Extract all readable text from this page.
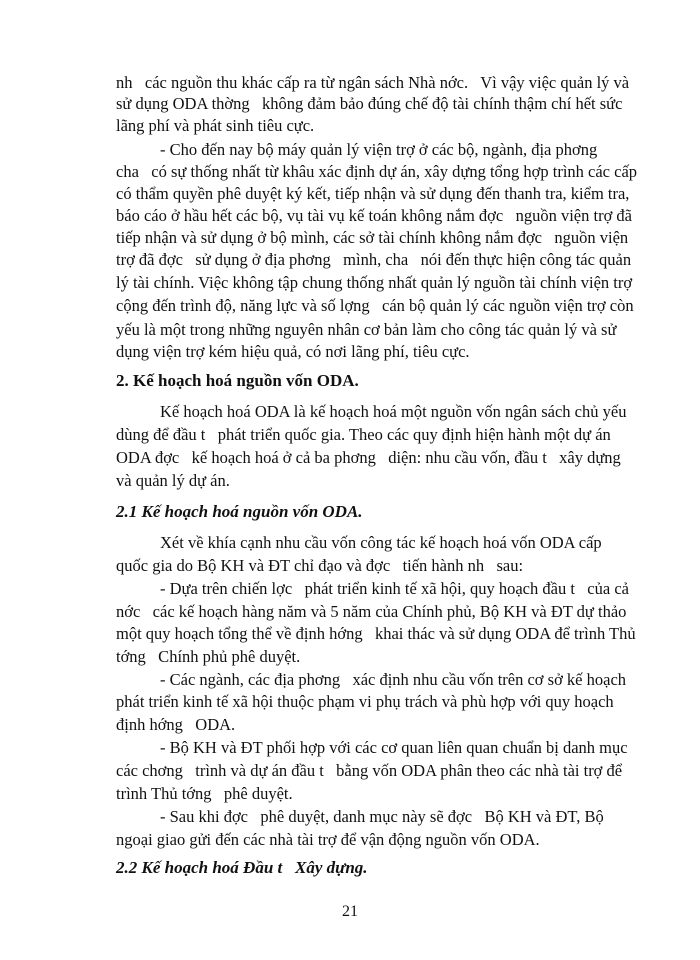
nh   các nguồn thu khác cấp ra từ ngân sách Nhà nớc.   Vì vậy việc quản lý và
sử dụng ODA thờng   không đảm bảo đúng chế độ tài chính thậm chí hết sức
lãng phí và phát sinh tiêu cực.
- Cho đến nay bộ máy quản lý viện trợ ở các bộ, ngành, địa phơng
cha   có sự thống nhất từ khâu xác định dự án, xây dựng tổng hợp trình các cấp
có thẩm quyền phê duyệt ký kết, tiếp nhận và sử dụng đến thanh tra, kiểm tra,
báo cáo ở hầu hết các bộ, vụ tài vụ kế toán không nắm đợc   nguồn viện trợ đã
tiếp nhận và sử dụng ở bộ mình, các sở tài chính không nắm đợc   nguồn viện
trợ đã đợc   sử dụng ở địa phơng   mình, cha   nói đến thực hiện công tác quản
lý tài chính. Việc không tập chung thống nhất quản lý nguồn tài chính viện trợ
cộng đến trình độ, năng lực và số lợng   cán bộ quản lý các nguồn viện trợ còn
yếu là một trong những nguyên nhân cơ bản làm cho công tác quản lý và sử
dụng viện trợ kém hiệu quả, có nơi lãng phí, tiêu cực.
2. Kế hoạch hoá nguồn vốn ODA.
Kế hoạch hoá ODA là kế hoạch hoá một nguồn vốn ngân sách chủ yếu
dùng để đầu t   phát triển quốc gia. Theo các quy định hiện hành một dự án
ODA đợc   kế hoạch hoá ở cả ba phơng   diện: nhu cầu vốn, đầu t   xây dựng
và quản lý dự án.
2.1 Kế hoạch hoá nguồn vốn ODA.
Xét về khía cạnh nhu cầu vốn công tác kế hoạch hoá vốn ODA cấp
quốc gia do Bộ KH và ĐT chỉ đạo và đợc   tiến hành nh   sau:
- Dựa trên chiến lợc   phát triển kinh tế xã hội, quy hoạch đầu t   của cả
nớc   các kế hoạch hàng năm và 5 năm của Chính phủ, Bộ KH và ĐT dự thảo
một quy hoạch tổng thể về định hớng   khai thác và sử dụng ODA để trình Thủ
tớng   Chính phủ phê duyệt.
- Các ngành, các địa phơng   xác định nhu cầu vốn trên cơ sở kế hoạch
phát triển kinh tế xã hội thuộc phạm vi phụ trách và phù hợp với quy hoạch
định hớng   ODA.
- Bộ KH và ĐT phối hợp với các cơ quan liên quan chuẩn bị danh mục
các chơng   trình và dự án đầu t   bằng vốn ODA phân theo các nhà tài trợ để
trình Thủ tớng   phê duyệt.
- Sau khi đợc   phê duyệt, danh mục này sẽ đợc   Bộ KH và ĐT, Bộ
ngoại giao gửi đến các nhà tài trợ để vận động nguồn vốn ODA.
2.2 Kế hoạch hoá Đầu t   Xây dựng.
21
